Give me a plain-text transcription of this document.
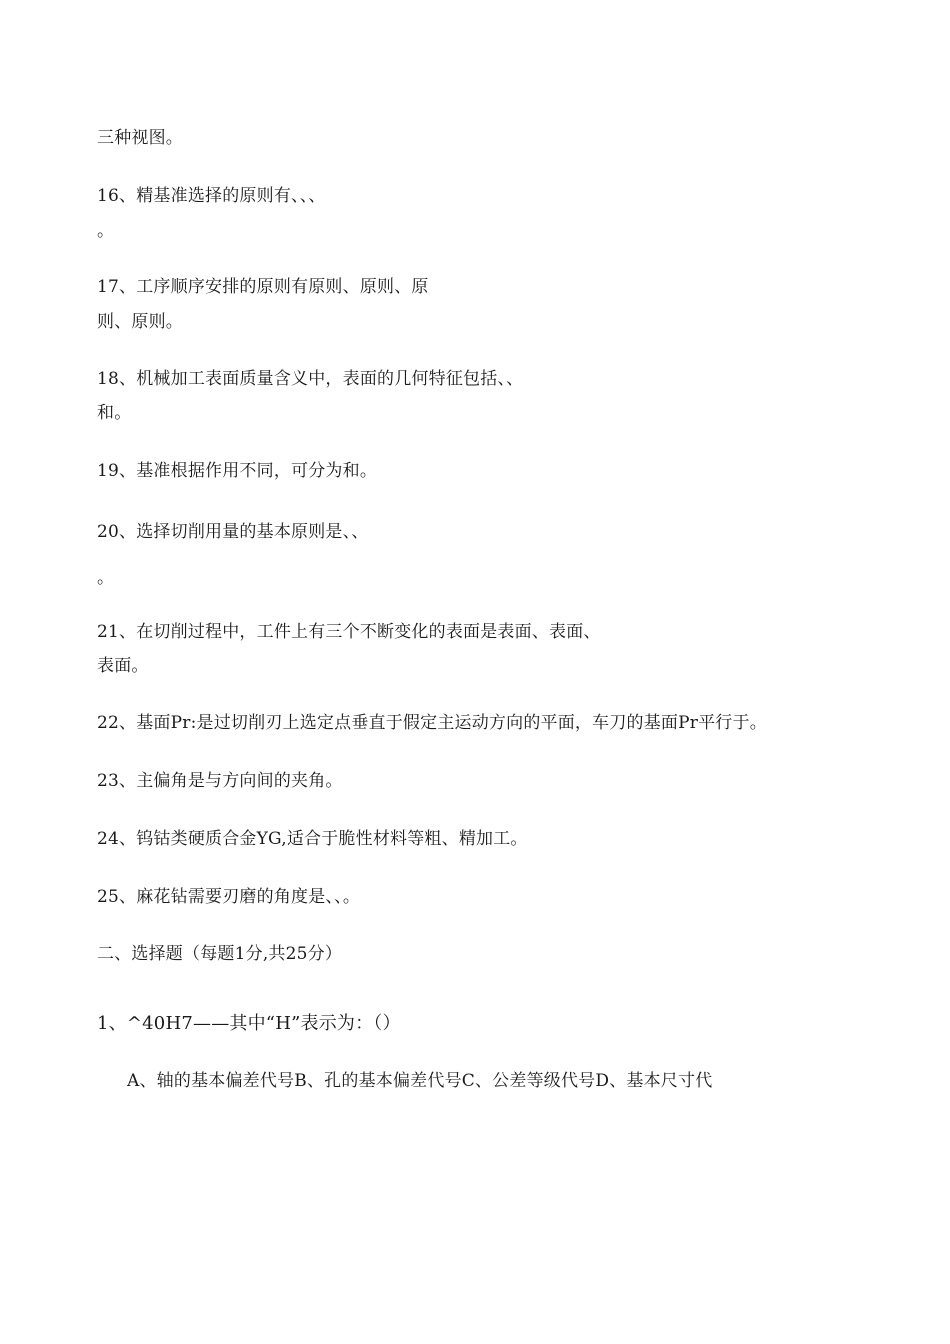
三种视图。
16、精基准选择的原则有、、、
。
17、工序顺序安排的原则有原则、原则、原
则、原则。
18、机械加工表面质量含义中，表面的几何特征包括、、
和。
19、基准根据作用不同，可分为和。
20、选择切削用量的基本原则是、、
。
21、在切削过程中，工件上有三个不断变化的表面是表面、表面、
表面。
22、基面Pr:是过切削刃上选定点垂直于假定主运动方向的平面，车刀的基面Pr平行于。
23、主偏角是与方向间的夹角。
24、钨钴类硬质合金YG,适合于脆性材料等粗、精加工。
25、麻花钻需要刃磨的角度是、、。
二、选择题（每题1分,共25分）
1、^40H7——其中“H”表示为：（）
A、轴的基本偏差代号B、孔的基本偏差代号C、公差等级代号D、基本尺寸代
